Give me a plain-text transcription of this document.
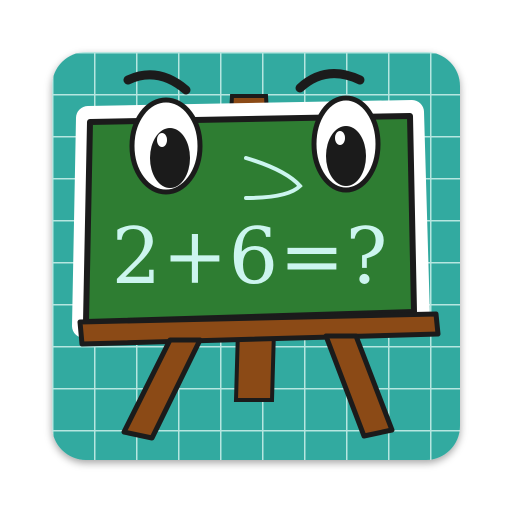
2+6=?
